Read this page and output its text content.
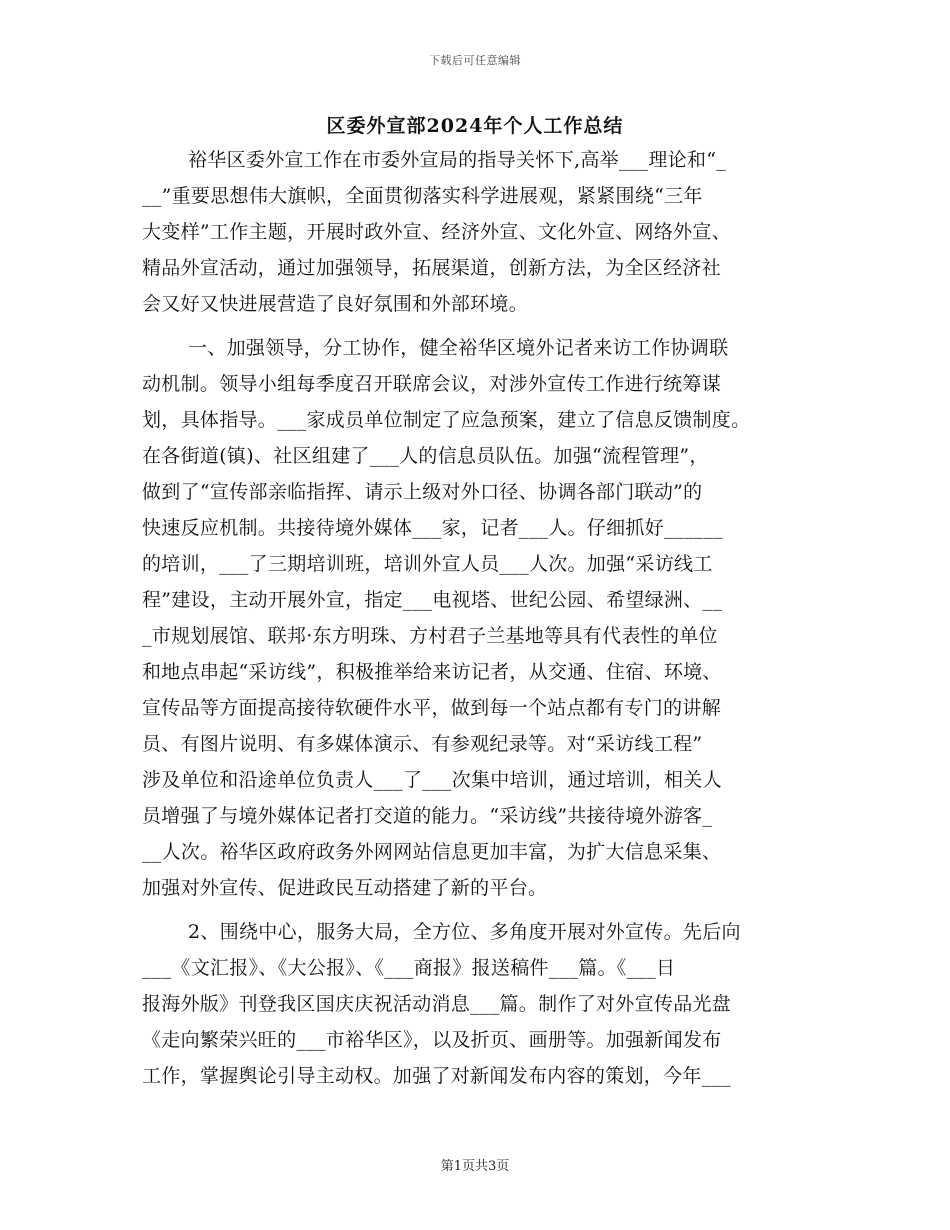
下载后可任意编辑
区委外宣部2024年个人工作总结
裕华区委外宣工作在市委外宣局的指导关怀下,高举___理论和“_
__”重要思想伟大旗帜，全面贯彻落实科学进展观，紧紧围绕“三年
大变样”工作主题，开展时政外宣、经济外宣、文化外宣、网络外宣、
精品外宣活动，通过加强领导，拓展渠道，创新方法，为全区经济社
会又好又快进展营造了良好氛围和外部环境。
一、加强领导，分工协作，健全裕华区境外记者来访工作协调联
动机制。领导小组每季度召开联席会议，对涉外宣传工作进行统筹谋
划，具体指导。___家成员单位制定了应急预案，建立了信息反馈制度。
在各街道(镇)、社区组建了___人的信息员队伍。加强“流程管理”，
做到了“宣传部亲临指挥、请示上级对外口径、协调各部门联动”的
快速反应机制。共接待境外媒体___家，记者___人。仔细抓好______
的培训，___了三期培训班，培训外宣人员___人次。加强“采访线工
程”建设，主动开展外宣，指定___电视塔、世纪公园、希望绿洲、__
_市规划展馆、联邦·东方明珠、方村君子兰基地等具有代表性的单位
和地点串起“采访线”，积极推举给来访记者，从交通、住宿、环境、
宣传品等方面提高接待软硬件水平，做到每一个站点都有专门的讲解
员、有图片说明、有多媒体演示、有参观纪录等。对“采访线工程”
涉及单位和沿途单位负责人___了___次集中培训，通过培训，相关人
员增强了与境外媒体记者打交道的能力。“采访线”共接待境外游客_
__人次。裕华区政府政务外网网站信息更加丰富，为扩大信息采集、
加强对外宣传、促进政民互动搭建了新的平台。
2、围绕中心，服务大局，全方位、多角度开展对外宣传。先后向
___《文汇报》、《大公报》、《___商报》报送稿件___篇。《___日
报海外版》刊登我区国庆庆祝活动消息___篇。制作了对外宣传品光盘
《走向繁荣兴旺的___市裕华区》，以及折页、画册等。加强新闻发布
工作，掌握舆论引导主动权。加强了对新闻发布内容的策划，今年___
第1页共3页
